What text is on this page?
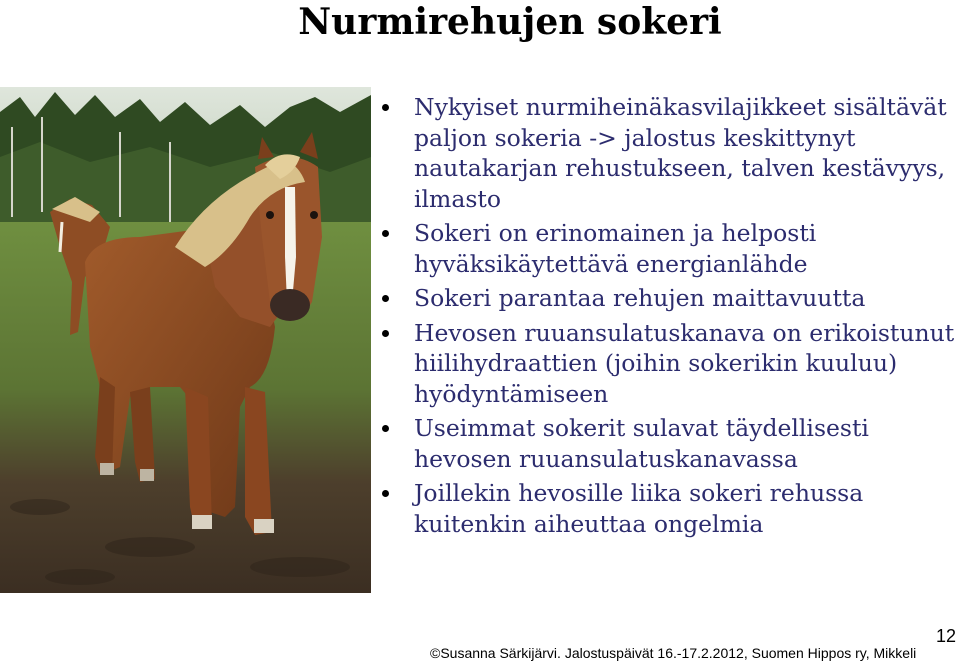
Nurmirehujen sokeri
Nykyiset nurmiheinäkasvilajikkeet sisältävät paljon sokeria -> jalostus keskittynyt nautakarjan rehustukseen, talven kestävyys, ilmasto
Sokeri on erinomainen ja helposti hyväksikäytettävä energianlähde
Sokeri parantaa rehujen maittavuutta
Hevosen ruuansulatuskanava on erikoistunut hiilihydraattien (joihin sokerikin kuuluu) hyödyntämiseen
Useimmat sokerit sulavat täydellisesti hevosen ruuansulatuskanavassa
Joillekin hevosille liika sokeri rehussa kuitenkin aiheuttaa ongelmia
12
©Susanna Särkijärvi. Jalostuspäivät 16.-17.2.2012, Suomen Hippos ry, Mikkeli
